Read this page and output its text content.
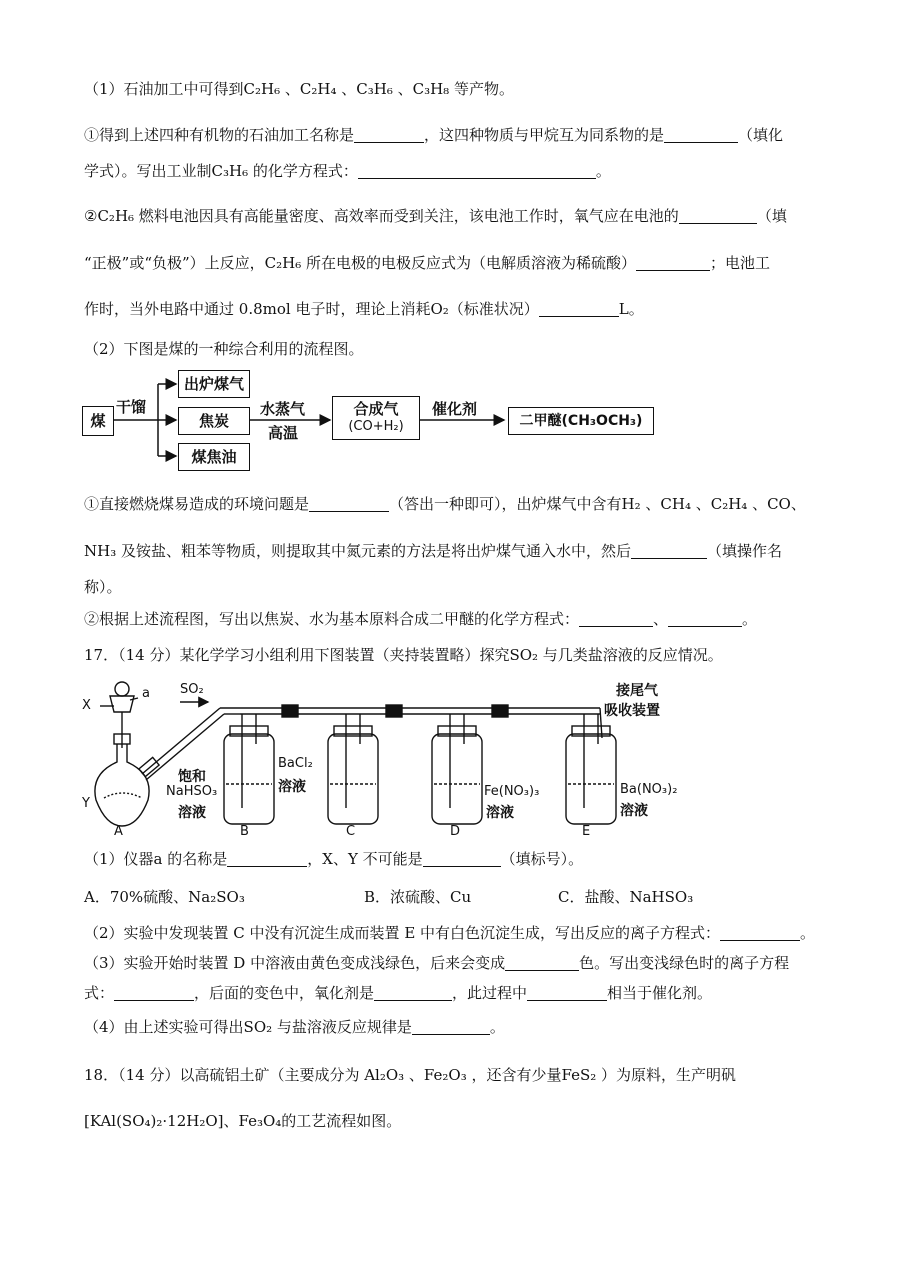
（1）石油加工中可得到C₂H₆ 、C₂H₄ 、C₃H₆ 、C₃H₈ 等产物。
①得到上述四种有机物的石油加工名称是	，这四种物质与甲烷互为同系物的是	（填化
学式）。写出工业制C₃H₆ 的化学方程式：	。
②C₂H₆ 燃料电池因具有高能量密度、高效率而受到关注，该电池工作时，氧气应在电池的	（填
“正极”或“负极”）上反应，C₂H₆ 所在电极的电极反应式为（电解质溶液为稀硫酸）	；电池工
作时，当外电路中通过 0.8mol 电子时，理论上消耗O₂（标准状况）	L。
（2）下图是煤的一种综合利用的流程图。
煤
干馏
出炉煤气
焦炭
煤焦油
水蒸气
高温
合成气
(CO+H₂)
催化剂
二甲醚(CH₃OCH₃)
①直接燃烧煤易造成的环境问题是	（答出一种即可），出炉煤气中含有H₂ 、CH₄ 、C₂H₄ 、CO、
NH₃ 及铵盐、粗苯等物质，则提取其中氮元素的方法是将出炉煤气通入水中，然后	（填操作名
称）。
②根据上述流程图，写出以焦炭、水为基本原料合成二甲醚的化学方程式：	、	。
17．（14 分）某化学学习小组利用下图装置（夹持装置略）探究SO₂ 与几类盐溶液的反应情况。
X
a
Y
SO₂	接尾气
吸收装置
饱和
NaHSO₃
溶液
BaCl₂
溶液	Fe(NO₃)₃
溶液
Ba(NO₃)₂
溶液
A	B	C	D	E
（1）仪器a 的名称是	，X、Y 不可能是	（填标号）。
A．70%硫酸、Na₂SO₃	B．浓硫酸、Cu	C．盐酸、NaHSO₃
（2）实验中发现装置 C 中没有沉淀生成而装置 E 中有白色沉淀生成，写出反应的离子方程式：	。
（3）实验开始时装置 D 中溶液由黄色变成浅绿色，后来会变成	色。写出变浅绿色时的离子方程
式：	，后面的变色中，氧化剂是	，此过程中	相当于催化剂。
（4）由上述实验可得出SO₂ 与盐溶液反应规律是	。
18．（14 分）以高硫铝土矿（主要成分为 Al₂O₃ 、Fe₂O₃ ，还含有少量FeS₂ ）为原料，生产明矾
[KAl(SO₄)₂·12H₂O]、Fe₃O₄的工艺流程如图。
